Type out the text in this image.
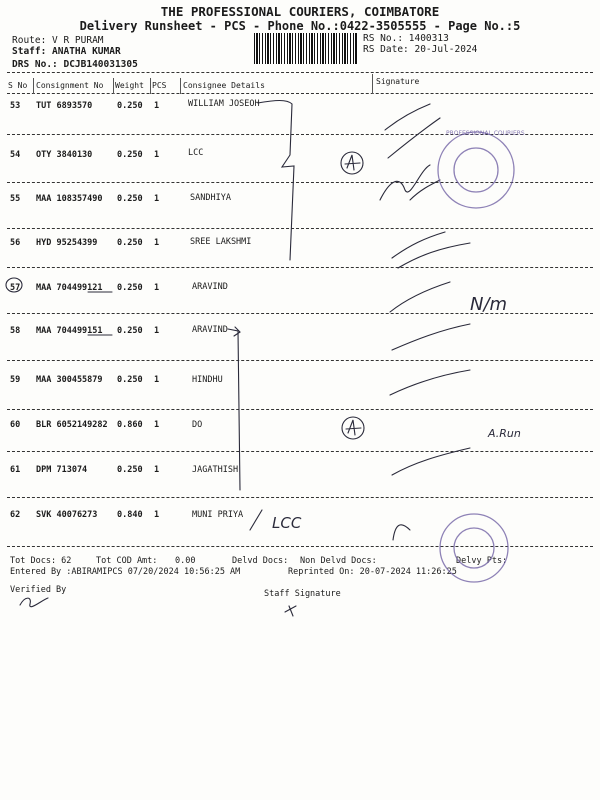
THE PROFESSIONAL COURIERS, COIMBATORE
Delivery Runsheet - PCS - Phone No.:0422-3505555 - Page No.:5
Route: V R PURAM
Staff: ANATHA KUMAR
DRS No.: DCJB140031305
RS No.: 1400313
RS Date: 20-Jul-2024
S No Consignment No Weight PCS Consignee Details	Signature
53 TUT 6893570	0.250 1	WILLIAM JOSEOH
54 OTY 3840130	0.250 1	LCC
55 MAA 108357490 0.250 1	SANDHIYA
56 HYD 95254399 0.250 1	SREE LAKSHMI
57 MAA 704499121 0.250 1	ARAVIND
58 MAA 704499151 0.250 1	ARAVIND
59 MAA 300455879 0.250 1	HINDHU
60 BLR 6052149282 0.860 1	DO
61 DPM 713074	0.250 1	JAGATHISH
62 SVK 40076273 0.840 1	MUNI PRIYA
Tot Docs: 62	Tot COD Amt: 0.00	Delvd Docs: Non Delvd Docs:	Delvy Pts:
Entered By :ABIRAMIPCS 07/20/2024 10:56:25 AM	Reprinted On: 20-07-2024 11:26:25
Verified By	Staff Signature
LCC
N/m
A.Run
PROFESSIONAL COURIERS
